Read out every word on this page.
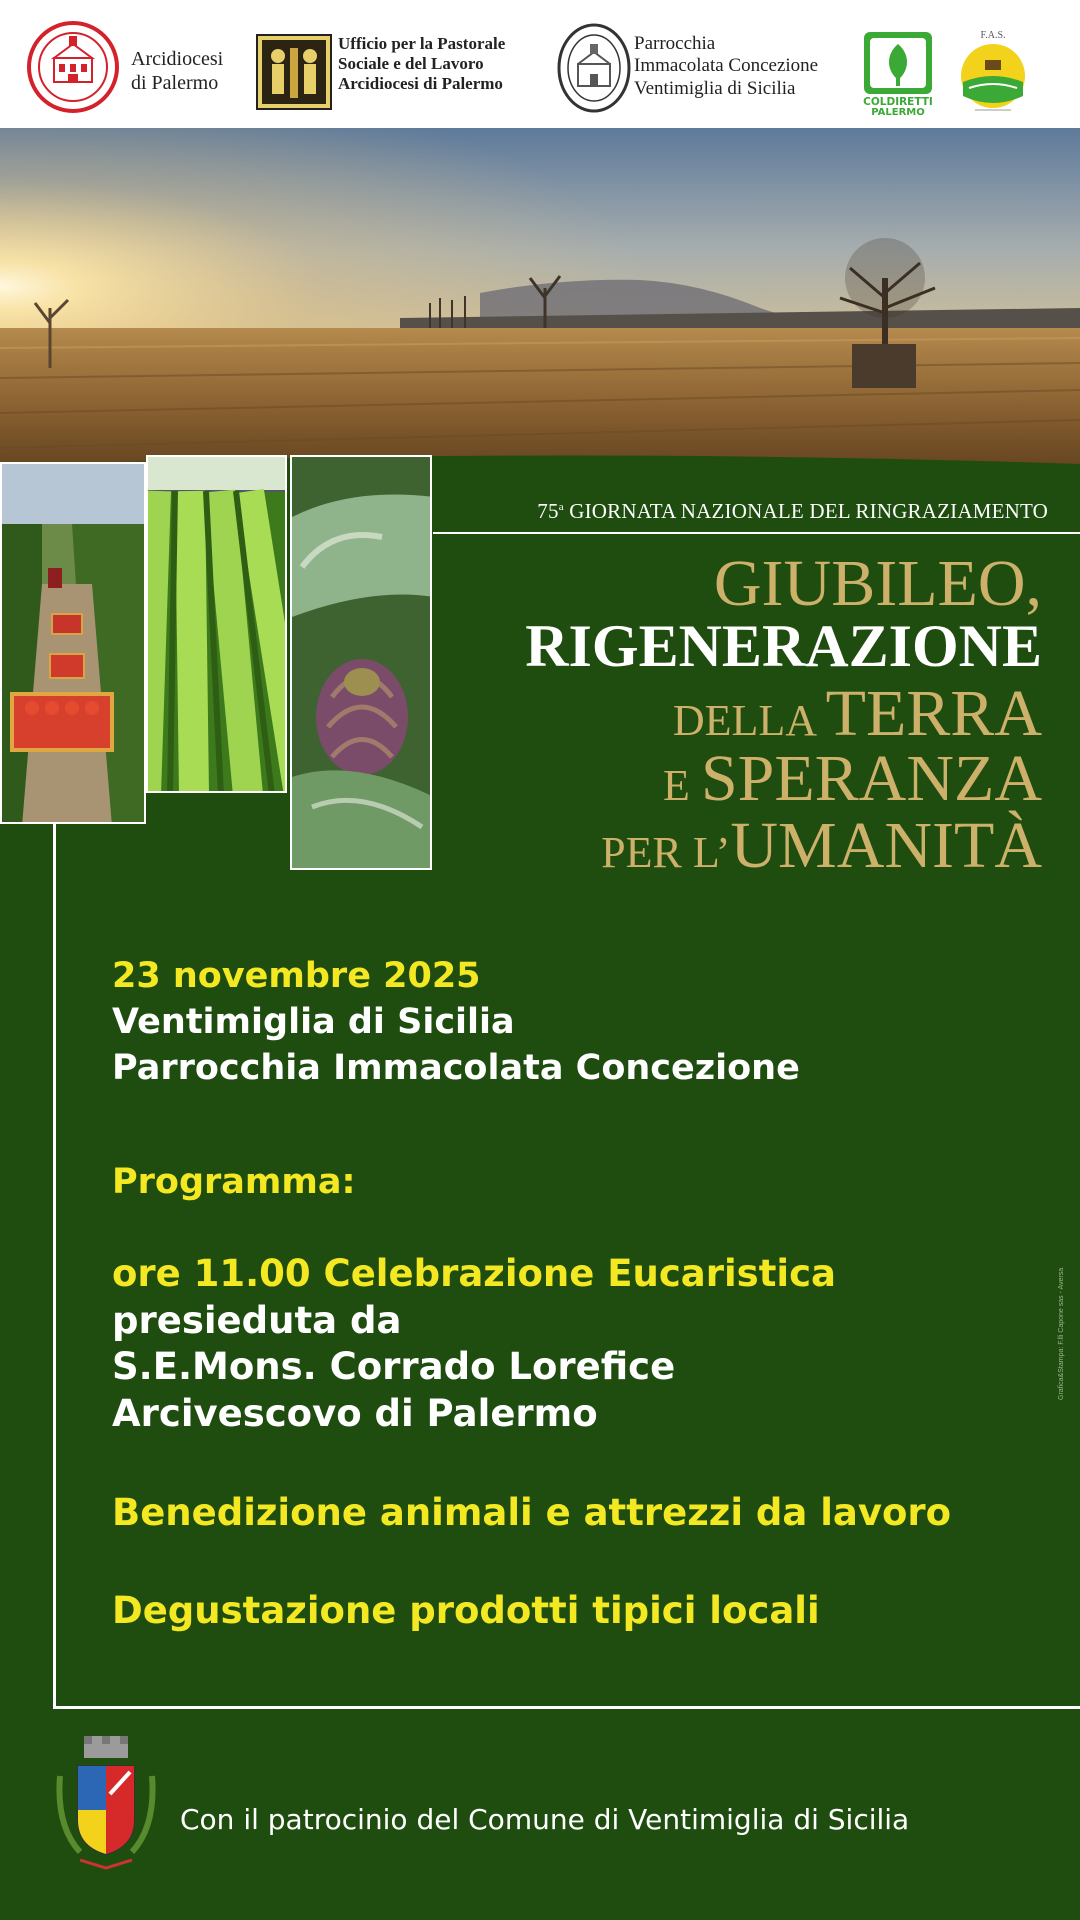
Arcidiocesi
di Palermo
Ufficio per la Pastorale
Sociale e del Lavoro
Arcidiocesi di Palermo
Parrocchia
Immacolata Concezione
Ventimiglia di Sicilia
COLDIRETTI
PALERMO
F.A.S.
75$^a$ GIORNATA NAZIONALE DEL RINGRAZIAMENTO
GIUBILEO,
RIGENERAZIONE
DELLA TERRA
E SPERANZA
PER L’UMANITÀ
23 novembre 2025
Ventimiglia di Sicilia
Parrocchia Immacolata Concezione
Programma:
ore 11.00 Celebrazione Eucaristica
presieduta da
S.E.Mons. Corrado Lorefice
Arcivescovo di Palermo
Benedizione animali e attrezzi da lavoro
Degustazione prodotti tipici locali
Grafica&Stampa: F.lli Capone sas - Aversa
Con il patrocinio del Comune di Ventimiglia di Sicilia
